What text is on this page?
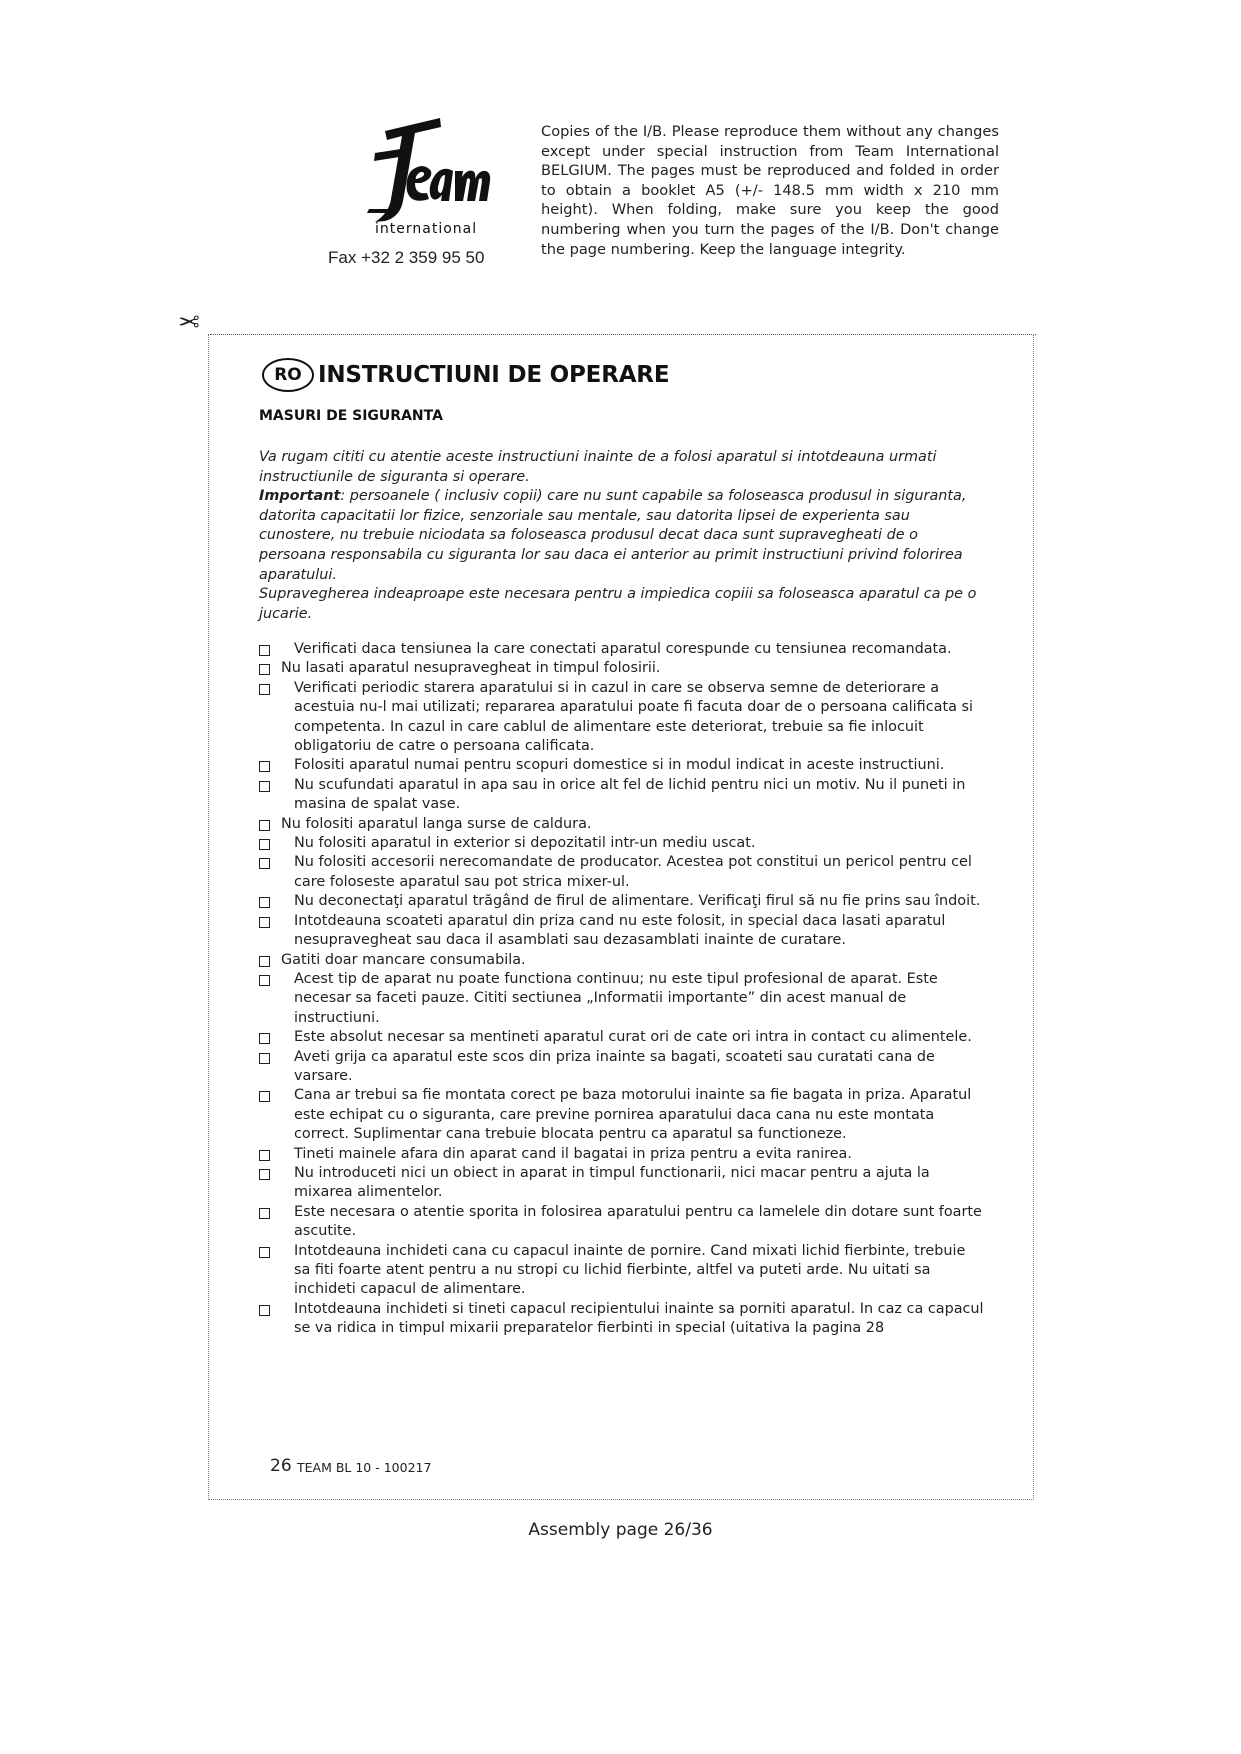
international
Fax +32 2 359 95 50
Copies of the I/B. Please reproduce them without any changes except under special instruction from Team International BELGIUM. The pages must be reproduced and folded in order to obtain a booklet A5 (+/- 148.5 mm width x 210 mm height). When folding, make sure you keep the good numbering when you turn the pages of the I/B. Don't change the page numbering. Keep the language integrity.
✂
RO INSTRUCTIUNI DE OPERARE
MASURI DE SIGURANTA

Va rugam cititi cu atentie aceste instructiuni inainte de a folosi aparatul si intotdeauna urmati instructiunile de siguranta si operare.

Important: persoanele ( inclusiv copii) care nu sunt capabile sa foloseasca produsul in siguranta, datorita capacitatii lor fizice, senzoriale sau mentale, sau datorita lipsei de experienta sau cunostere, nu trebuie niciodata sa foloseasca produsul decat daca sunt supravegheati de o persoana responsabila cu siguranta lor sau daca ei anterior au primit instructiuni privind folorirea aparatului.

Supravegherea indeaproape este necesara pentru a impiedica copiii sa foloseasca aparatul ca pe o jucarie.

Verificati daca tensiunea la care conectati aparatul corespunde cu tensiunea recomandata.
Nu lasati aparatul nesupravegheat in timpul folosirii.
Verificati periodic starera aparatului si in cazul in care se observa semne de deteriorare a acestuia nu-l mai utilizati; repararea aparatului poate fi facuta doar de o persoana calificata si competenta. In cazul in care cablul de alimentare este deteriorat, trebuie sa fie inlocuit obligatoriu de catre o persoana calificata.
Folositi aparatul numai pentru scopuri domestice si in modul indicat in aceste instructiuni.
Nu scufundati aparatul in apa sau in orice alt fel de lichid pentru nici un motiv. Nu il puneti in masina de spalat vase.
Nu folositi aparatul langa surse de caldura.
Nu folositi aparatul in exterior si depozitatil intr-un mediu uscat.
Nu folositi accesorii nerecomandate de producator. Acestea pot constitui un pericol pentru cel care foloseste aparatul sau pot strica mixer-ul.
Nu deconectaţi aparatul trăgând de firul de alimentare. Verificaţi firul să nu fie prins sau îndoit.
Intotdeauna scoateti aparatul din priza cand nu este folosit, in special daca lasati aparatul nesupravegheat sau daca il asamblati sau dezasamblati inainte de curatare.
Gatiti doar mancare consumabila.
Acest tip de aparat nu poate functiona continuu; nu este tipul profesional de aparat. Este necesar sa faceti pauze. Cititi sectiunea „Informatii importante” din acest manual de instructiuni.
Este absolut necesar sa mentineti aparatul curat ori de cate ori intra in contact cu alimentele.
Aveti grija ca aparatul este scos din priza inainte sa bagati, scoateti sau curatati cana de varsare.
Cana ar trebui sa fie montata corect pe baza motorului inainte sa fie bagata in priza. Aparatul este echipat cu o siguranta, care previne pornirea aparatului daca cana nu este montata correct. Suplimentar cana trebuie blocata pentru ca aparatul sa functioneze.
Tineti mainele afara din aparat cand il bagatai in priza pentru a evita ranirea.
Nu introduceti nici un obiect in aparat in timpul functionarii, nici macar pentru a ajuta la mixarea alimentelor.
Este necesara o atentie sporita in folosirea aparatului pentru ca lamelele din dotare sunt foarte ascutite.
Intotdeauna inchideti cana cu capacul inainte de pornire. Cand mixati lichid fierbinte, trebuie sa fiti foarte atent pentru a nu stropi cu lichid fierbinte, altfel va puteti arde. Nu uitati sa inchideti capacul de alimentare.
Intotdeauna inchideti si tineti capacul recipientului inainte sa porniti aparatul. In caz ca capacul se va ridica in timpul mixarii preparatelor fierbinti in special (uitativa la pagina 28
26 TEAM BL 10 - 100217
Assembly page 26/36
